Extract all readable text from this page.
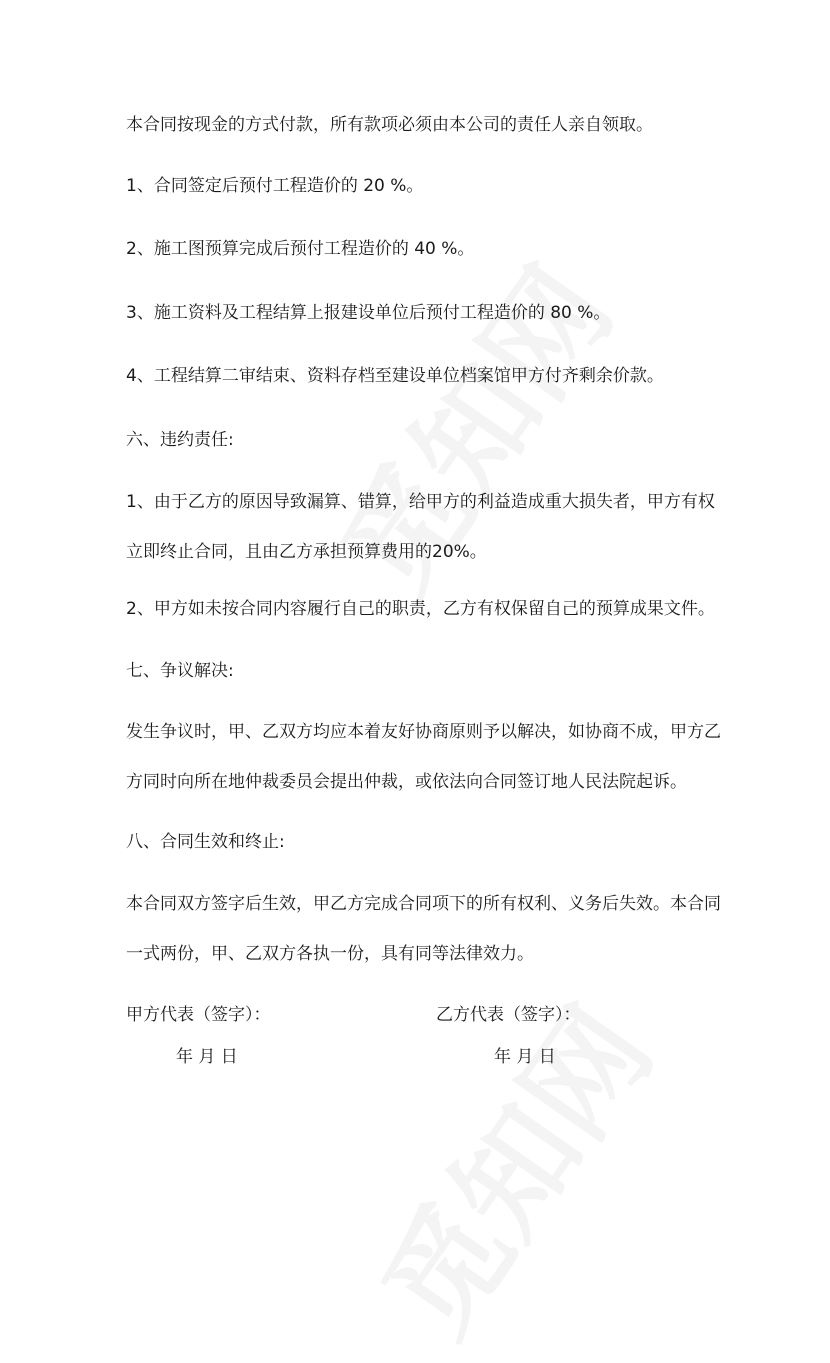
本合同按现金的方式付款，所有款项必须由本公司的责任人亲自领取。

1、合同签定后预付工程造价的 20 %。

2、施工图预算完成后预付工程造价的 40 %。

3、施工资料及工程结算上报建设单位后预付工程造价的 80 %。

4、工程结算二审结束、资料存档至建设单位档案馆甲方付齐剩余价款。

六、违约责任:

1、由于乙方的原因导致漏算、错算，给甲方的利益造成重大损失者，甲方有权立即终止合同，且由乙方承担预算费用的20%。

2、甲方如未按合同内容履行自己的职责，乙方有权保留自己的预算成果文件。

七、争议解决:

发生争议时，甲、乙双方均应本着友好协商原则予以解决，如协商不成，甲方乙方同时向所在地仲裁委员会提出仲裁，或依法向合同签订地人民法院起诉。

八、合同生效和终止:

本合同双方签字后生效，甲乙方完成合同项下的所有权利、义务后失效。本合同一式两份，甲、乙双方各执一份，具有同等法律效力。

甲方代表（签字）：	乙方代表（签字）：

年 月 日	年 月 日
